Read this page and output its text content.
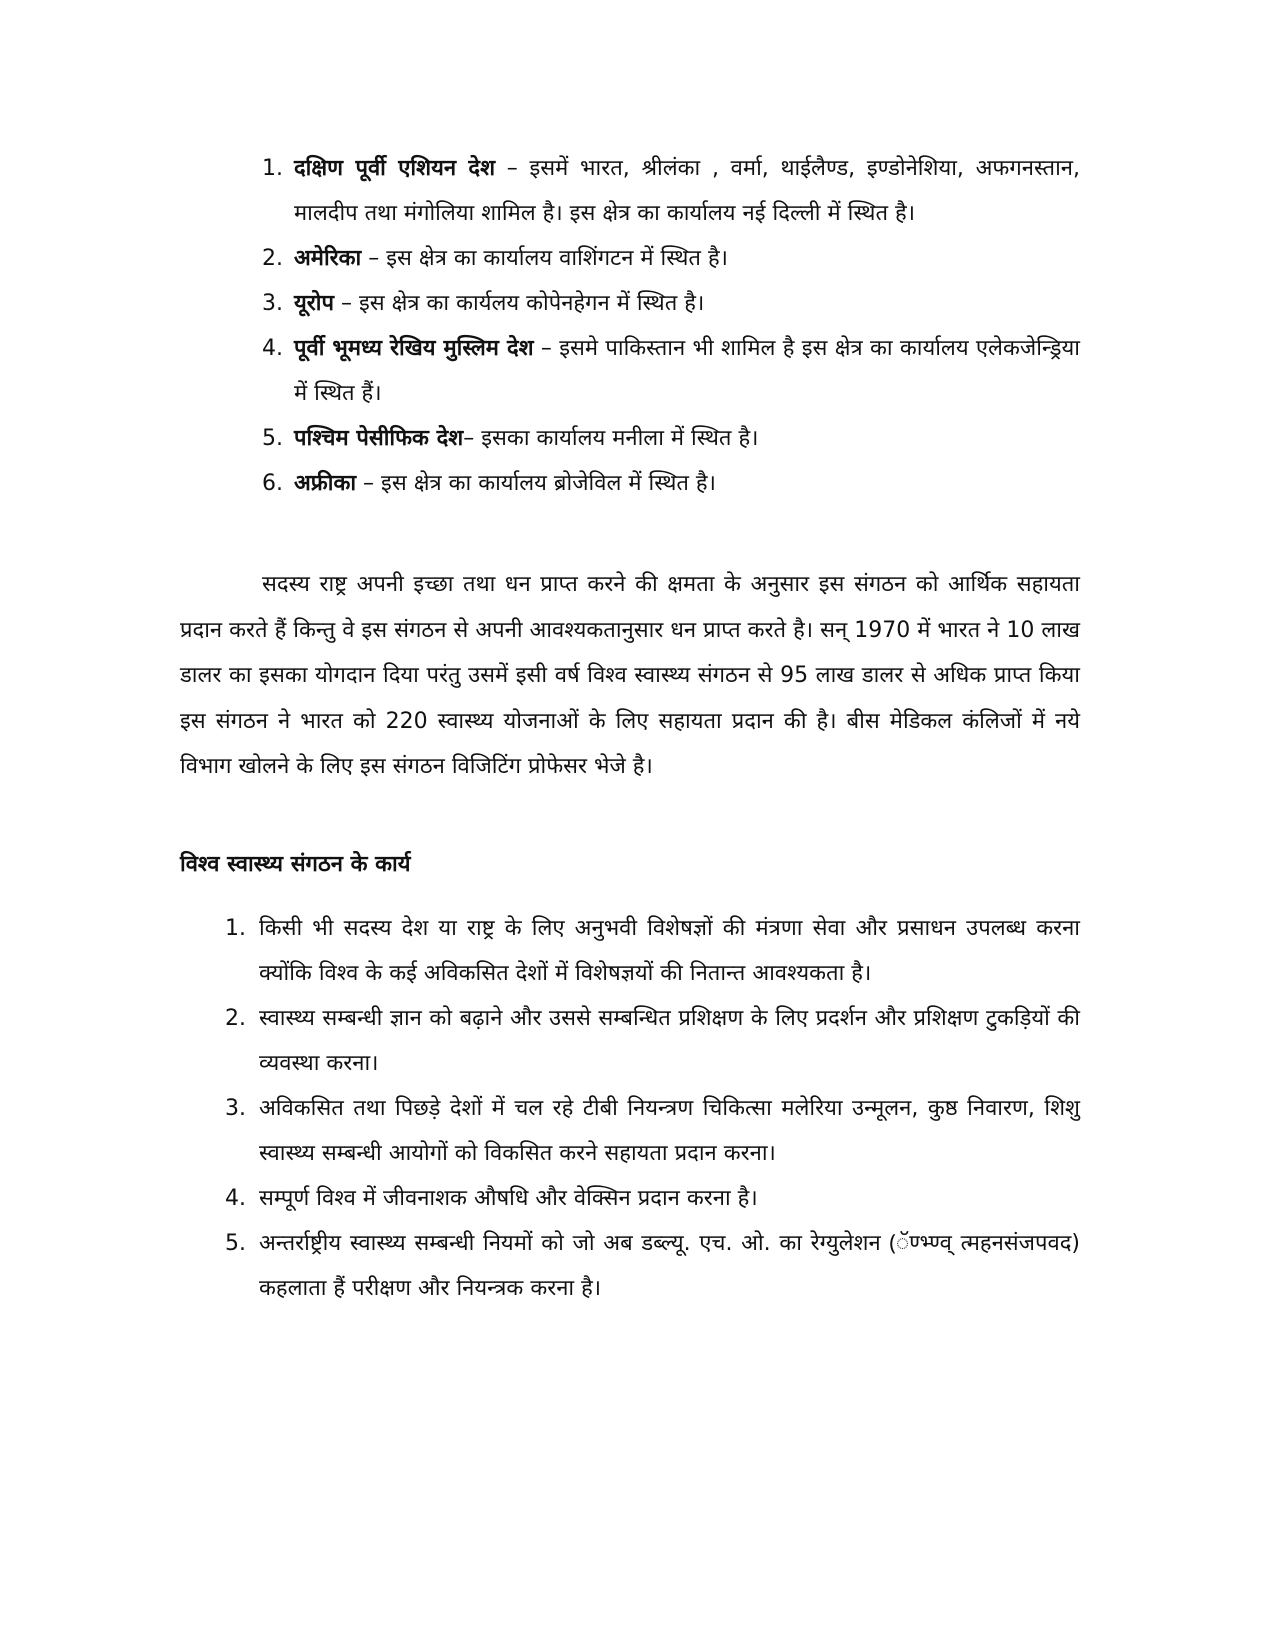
1. दक्षिण पूर्वी एशियन देश – इसमें भारत, श्रीलंका , वर्मा, थाईलैण्ड, इण्डोनेशिया, अफगनस्तान, मालदीप तथा मंगोलिया शामिल है। इस क्षेत्र का कार्यालय नई दिल्ली में स्थित है।
2. अमेरिका – इस क्षेत्र का कार्यालय वाशिंगटन में स्थित है।
3. यूरोप – इस क्षेत्र का कार्यलय कोपेनहेगन में स्थित है।
4. पूर्वी भूमध्य रेखिय मुस्लिम देश – इसमे पाकिस्तान भी शामिल है इस क्षेत्र का कार्यालय एलेकजेन्ड्रिया में स्थित हैं।
5. पश्चिम पेसीफिक देश– इसका कार्यालय मनीला में स्थित है।
6. अफ्रीका – इस क्षेत्र का कार्यालय ब्रोजेविल में स्थित है।

सदस्य राष्ट्र अपनी इच्छा तथा धन प्राप्त करने की क्षमता के अनुसार इस संगठन को आर्थिक सहायता प्रदान करते हैं किन्तु वे इस संगठन से अपनी आवश्यकतानुसार धन प्राप्त करते है। सन् 1970 में भारत ने 10 लाख डालर का इसका योगदान दिया परंतु उसमें इसी वर्ष विश्व स्वास्थ्य संगठन से 95 लाख डालर से अधिक प्राप्त किया इस संगठन ने भारत को 220 स्वास्थ्य योजनाओं के लिए सहायता प्रदान की है। बीस मेडिकल कंलिजों में नये विभाग खोलने के लिए इस संगठन विजिटिंग प्रोफेसर भेजे है।

विश्व स्वास्थ्य संगठन के कार्य
1. किसी भी सदस्य देश या राष्ट्र के लिए अनुभवी विशेषज्ञों की मंत्रणा सेवा और प्रसाधन उपलब्ध करना क्योंकि विश्व के कई अविकसित देशों में विशेषज्ञयों की नितान्त आवश्यकता है।
2. स्वास्थ्य सम्बन्धी ज्ञान को बढ़ाने और उससे सम्बन्धित प्रशिक्षण के लिए प्रदर्शन और प्रशिक्षण टुकड़ियों की व्यवस्था करना।
3. अविकसित तथा पिछड़े देशों में चल रहे टीबी नियन्त्रण चिकित्सा मलेरिया उन्मूलन, कुष्ठ निवारण, शिशु स्वास्थ्य सम्बन्धी आयोगों को विकसित करने सहायता प्रदान करना।
4. सम्पूर्ण विश्व में जीवनाशक औषधि और वेक्सिन प्रदान करना है।
5. अन्तर्राष्ट्रीय स्वास्थ्य सम्बन्धी नियमों को जो अब डब्ल्यू. एच. ओ. का रेग्युलेशन (ॅण्भ्ण्व् त्महनसंजपवद) कहलाता हैं परीक्षण और नियन्त्रक करना है।
